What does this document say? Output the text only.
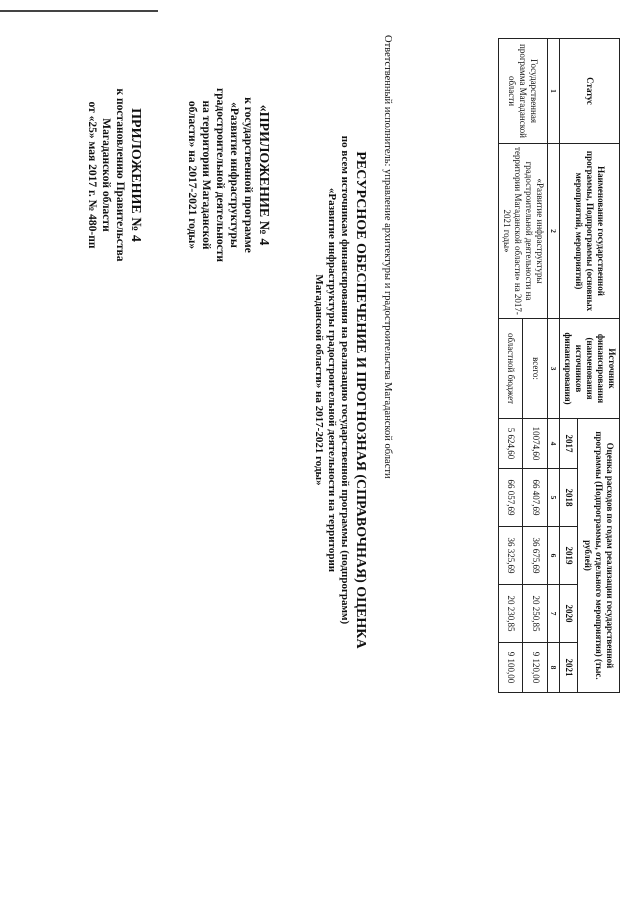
ПРИЛОЖЕНИЕ № 4
к постановлению Правительства
Магаданской области
от «25» мая 2017 г. № 480-пп	«ПРИЛОЖЕНИЕ № 4
к государственной программе
«Развитие инфраструктуры
градостроительной деятельности
на территории Магаданской
области» на 2017-2021 годы»	РЕСУРСНОЕ ОБЕСПЕЧЕНИЕ И ПРОГНОЗНАЯ (СПРАВОЧНАЯ) ОЦЕНКА
по всем источникам финансирования на реализацию государственной программы (подпрограмм)
«Развитие инфраструктуры градостроительной деятельности на территории
Магаданской области» на 2017-2021 годы»	Ответственный исполнитель: управление архитектуры и градостроительства Магаданской области	Статус	Наименование государственной программы, Подпрограммы (основных мероприятий, мероприятий)	Источник финансирования (наименования источников финансирования)	Оценка расходов по годам реализации государственной программы (Подпрограммы, отдельного мероприятия) (тыс. рублей)				
			2017	2018	2019	2020	2021
1	2	3	4	5	6	7	8
Государственная программа Магаданской области	«Развитие инфраструктуры градостроительной деятельности на территории Магаданской области» на 2017-2021 годы»	всего:	10074,60	66 407,69	36 675,69	20 250,85	9 120,00
		областной бюджет	5 624,60	66 057,69	36 325,69	20 230,85	9 100,00
